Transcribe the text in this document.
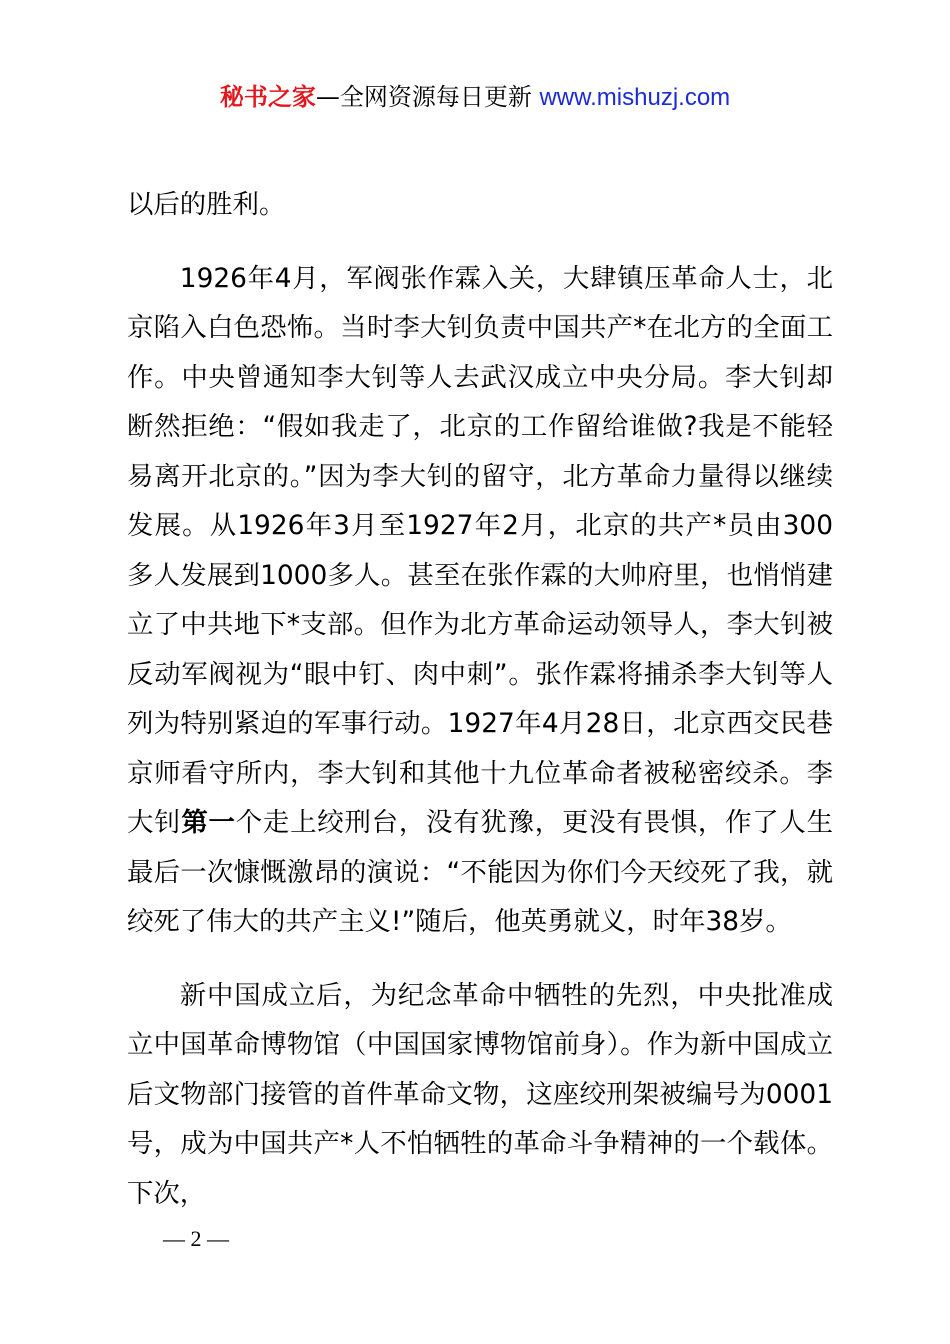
秘书之家—全网资源每日更新 www.mishuzj.com

以后的胜利。

1926年4月，军阀张作霖入关，大肆镇压革命人士，北京陷入白色恐怖。当时李大钊负责中国共产*在北方的全面工作。中央曾通知李大钊等人去武汉成立中央分局。李大钊却断然拒绝：“假如我走了，北京的工作留给谁做?我是不能轻易离开北京的。”因为李大钊的留守，北方革命力量得以继续发展。从1926年3月至1927年2月，北京的共产*员由300多人发展到1000多人。甚至在张作霖的大帅府里，也悄悄建立了中共地下*支部。但作为北方革命运动领导人，李大钊被反动军阀视为“眼中钉、肉中刺”。张作霖将捕杀李大钊等人列为特别紧迫的军事行动。1927年4月28日，北京西交民巷京师看守所内，李大钊和其他十九位革命者被秘密绞杀。李大钊第一个走上绞刑台，没有犹豫，更没有畏惧，作了人生最后一次慷慨激昂的演说：“不能因为你们今天绞死了我，就绞死了伟大的共产主义!”随后，他英勇就义，时年38岁。

新中国成立后，为纪念革命中牺牲的先烈，中央批准成立中国革命博物馆（中国国家博物馆前身）。作为新中国成立后文物部门接管的首件革命文物，这座绞刑架被编号为0001号，成为中国共产*人不怕牺牲的革命斗争精神的一个载体。下次，

— 2 —
